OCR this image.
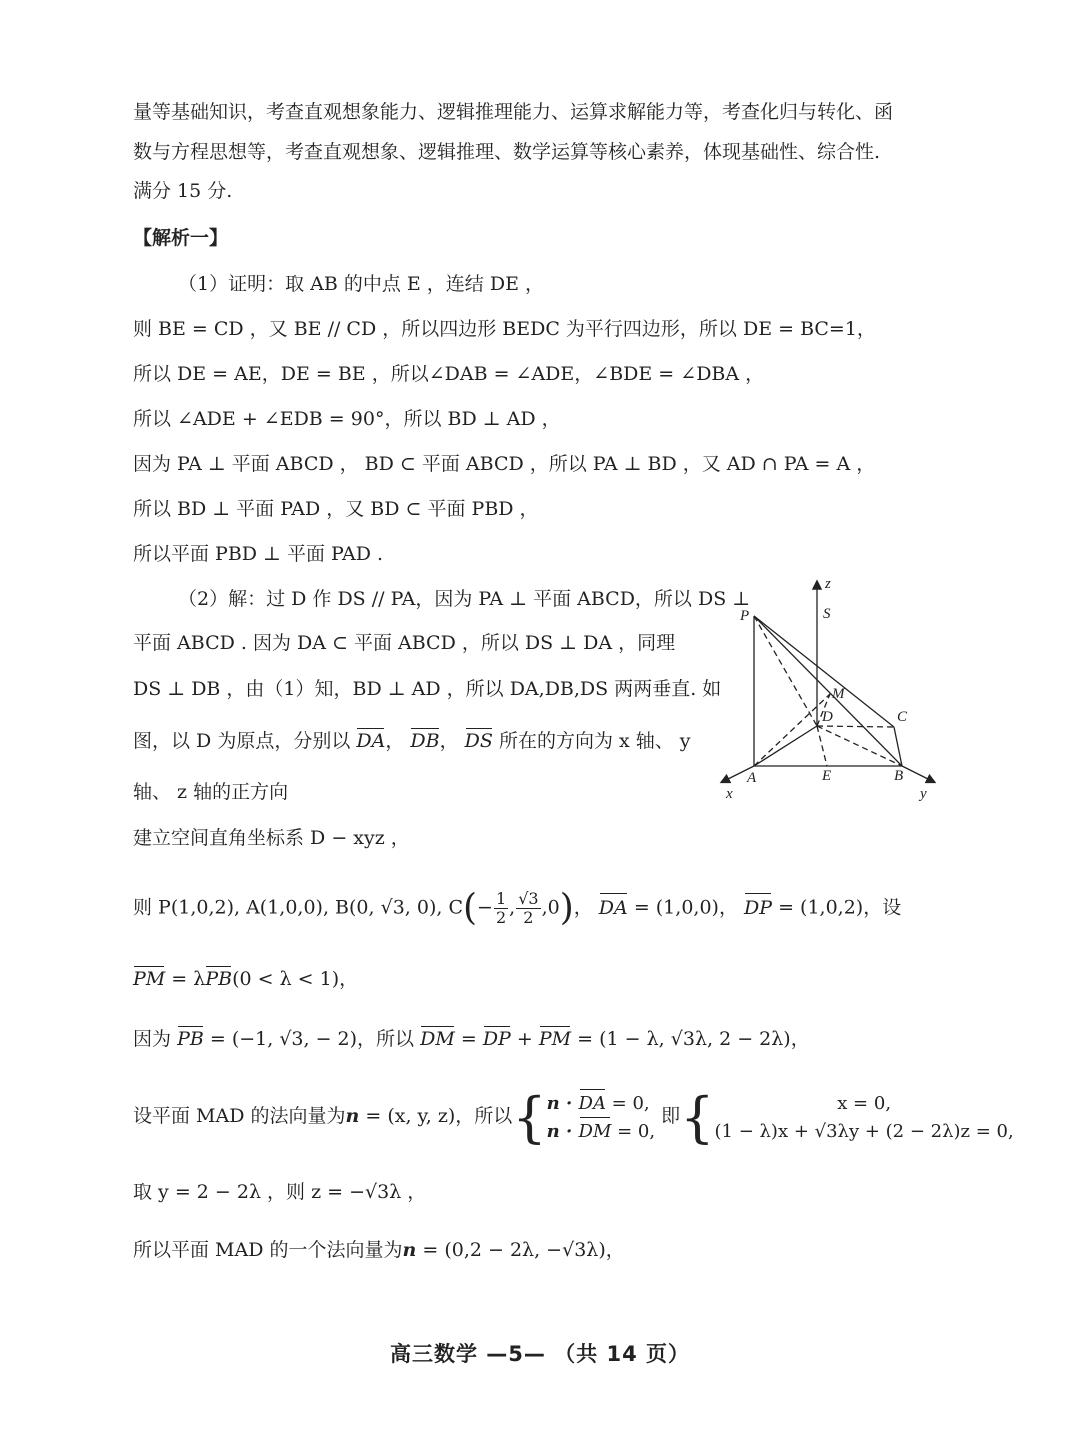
量等基础知识，考查直观想象能力、逻辑推理能力、运算求解能力等，考查化归与转化、函
数与方程思想等，考查直观想象、逻辑推理、数学运算等核心素养，体现基础性、综合性.
满分 15 分.
【解析一】
（1）证明：取 AB 的中点 E ，连结 DE ，
则 BE = CD ，又 BE // CD ，所以四边形 BEDC 为平行四边形，所以 DE = BC=1，
所以 DE = AE，DE = BE ，所以∠DAB = ∠ADE，∠BDE = ∠DBA ，
所以 ∠ADE + ∠EDB = 90°，所以 BD ⊥ AD ，
因为 PA ⊥ 平面 ABCD ， BD ⊂ 平面 ABCD ，所以 PA ⊥ BD ，又 AD ∩ PA = A ，
所以 BD ⊥ 平面 PAD ，又 BD ⊂ 平面 PBD ，
所以平面 PBD ⊥ 平面 PAD .
（2）解：过 D 作 DS // PA，因为 PA ⊥ 平面 ABCD，所以 DS ⊥
平面 ABCD . 因为 DA ⊂ 平面 ABCD ，所以 DS ⊥ DA ，同理
DS ⊥ DB ，由（1）知，BD ⊥ AD ，所以 DA,DB,DS 两两垂直. 如
图，以 D 为原点，分别以 DA， DB， DS 所在的方向为 x 轴、 y
轴、 z 轴的正方向
建立空间直角坐标系 D − xyz ，
则 P(1,0,2), A(1,0,0), B(0, √3, 0), $C(- \frac{1}{2}$ , $\frac{√3}{2} ,0$)， DA = (1,0,0)， DP = (1,0,2)，设
PM = λPB(0 < λ < 1)，
因为 PB = (−1, √3, − 2)，所以 DM = DP + PM = (1 − λ, √3λ, 2 − 2λ)，
设平面 MAD 的法向量为n = (x, y, z)，所以{n · DA = 0,
n · DM = 0, 即{	x = 0,
(1 − λ)x + √3λy + (2 − 2λ)z = 0,
取 y = 2 − 2λ ，则 z = −√3λ ，
所以平面 MAD 的一个法向量为n = (0,2 − 2λ, −√3λ)，
z
S
P
M
D	C
A	E	B
x	y
高三数学 —5— （共 14 页）
